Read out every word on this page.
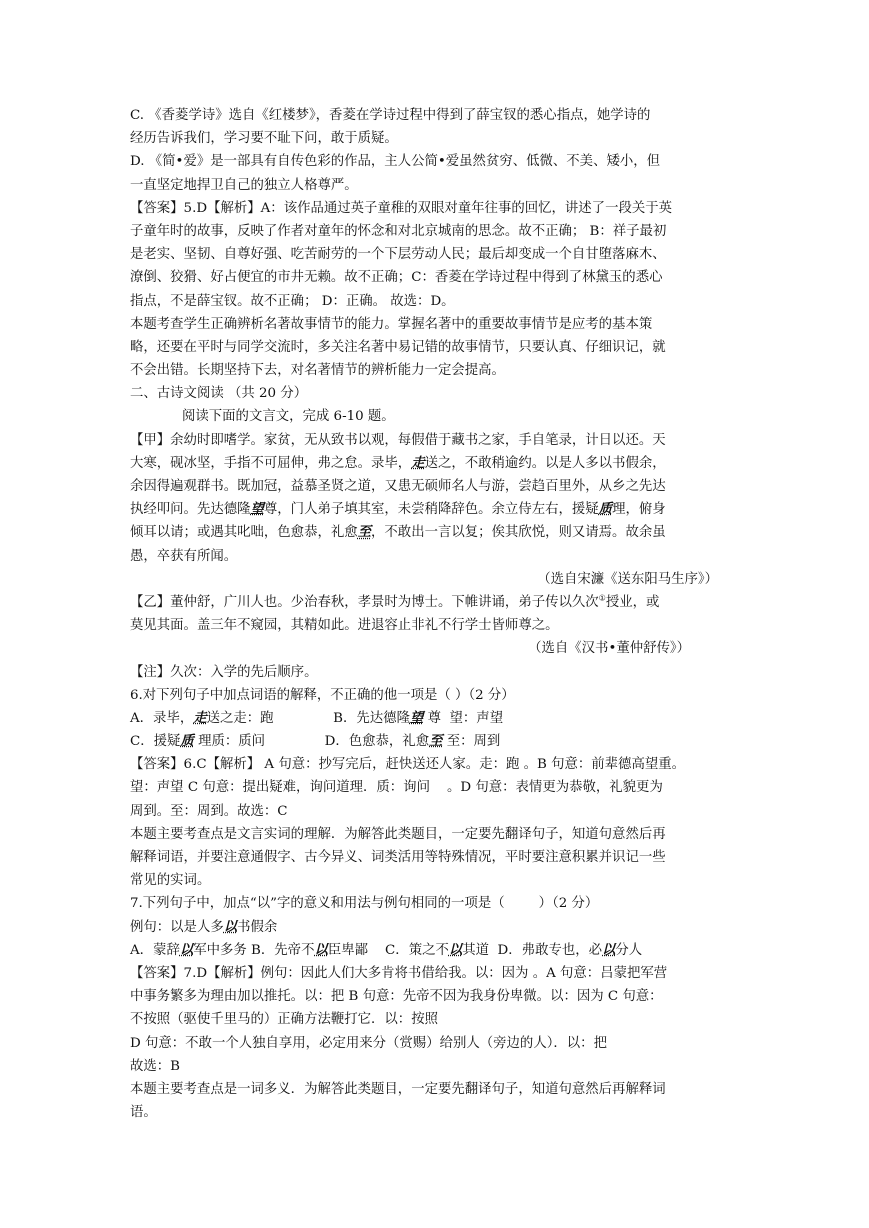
C. 《香菱学诗》选自《红楼梦》，香菱在学诗过程中得到了薛宝钗的悉心指点，她学诗的
经历告诉我们，学习要不耻下问，敢于质疑。
D. 《简•爱》是一部具有自传色彩的作品，主人公简•爱虽然贫穷、低微、不美、矮小，但
一直坚定地捍卫自己的独立人格尊严。
【答案】5.D【解析】A：该作品通过英子童稚的双眼对童年往事的回忆，讲述了一段关于英
子童年时的故事，反映了作者对童年的怀念和对北京城南的思念。故不正确； B：祥子最初
是老实、坚韧、自尊好强、吃苦耐劳的一个下层劳动人民；最后却变成一个自甘堕落麻木、
潦倒、狡猾、好占便宜的市井无赖。故不正确；C：香菱在学诗过程中得到了林黛玉的悉心
指点，不是薛宝钗。故不正确； D：正确。 故选：D。
本题考查学生正确辨析名著故事情节的能力。掌握名著中的重要故事情节是应考的基本策
略，还要在平时与同学交流时，多关注名著中易记错的故事情节，只要认真、仔细识记，就
不会出错。长期坚持下去，对名著情节的辨析能力一定会提高。
二、古诗文阅读 （共 20 分）
阅读下面的文言文，完成 6-10 题。
【甲】余幼时即嗜学。家贫，无从致书以观，每假借于藏书之家，手自笔录，计日以还。天
大寒，砚冰坚，手指不可屈伸，弗之怠。录毕，走送之，不敢稍逾约。以是人多以书假余，
余因得遍观群书。既加冠，益慕圣贤之道，又患无硕师名人与游，尝趋百里外，从乡之先达
执经叩问。先达德隆望尊，门人弟子填其室，未尝稍降辞色。余立侍左右，援疑质理，俯身
倾耳以请；或遇其叱咄，色愈恭，礼愈至，不敢出一言以复；俟其欣悦，则又请焉。故余虽
愚，卒获有所闻。
（选自宋濂《送东阳马生序》）
【乙】董仲舒，广川人也。少治春秋，孝景时为博士。下帷讲诵，弟子传以久次①授业，或
莫见其面。盖三年不窥园，其精如此。进退容止非礼不行学士皆师尊之。
（选自《汉书•董仲舒传》）
【注】久次：入学的先后顺序。
6.对下列句子中加点词语的解释，不正确的他一项是（ ）（2 分）
A．录毕，走送之走：跑              B．先达德隆望 尊  望：声望
C．援疑质 理质：质问              D．色愈恭，礼愈至 至：周到
【答案】6.C【解析】 A 句意：抄写完后，赶快送还人家。走：跑 。B 句意：前辈德高望重。
望：声望 C 句意：提出疑难，询问道理．质：询问    。D 句意：表情更为恭敬，礼貌更为
周到。至：周到。故选：C
本题主要考查点是文言实词的理解．为解答此类题目，一定要先翻译句子，知道句意然后再
解释词语，并要注意通假字、古今异义、词类活用等特殊情况，平时要注意积累并识记一些
常见的实词。
7.下列句子中，加点“以”字的意义和用法与例句相同的一项是（        ）（2 分）
例句：以是人多以书假余
A．蒙辞以军中多务 B．先帝不以臣卑鄙    C．策之不以其道  D．弗敢专也，必以分人
【答案】7.D【解析】例句：因此人们大多肯将书借给我。以：因为 。A 句意：吕蒙把军营
中事务繁多为理由加以推托。以：把 B 句意：先帝不因为我身份卑微。以：因为 C 句意：
不按照（驱使千里马的）正确方法鞭打它．以：按照
D 句意：不敢一个人独自享用，必定用来分（赏赐）给别人（旁边的人）．以：把
故选：B
本题主要考查点是一词多义．为解答此类题目，一定要先翻译句子，知道句意然后再解释词
语。
